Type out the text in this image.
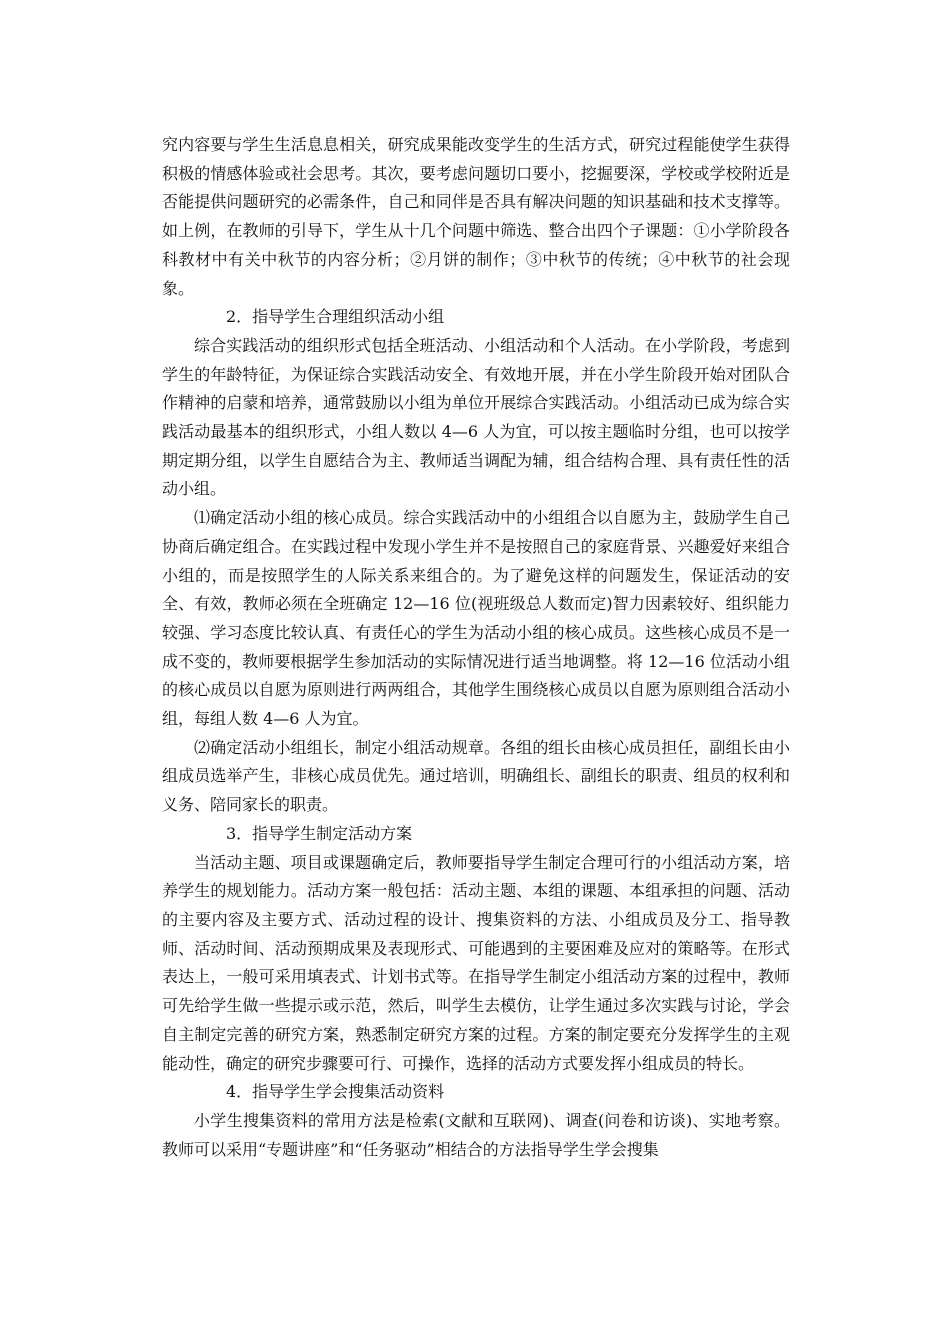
究内容要与学生生活息息相关，研究成果能改变学生的生活方式，研究过程能使学生获得积极的情感体验或社会思考。其次，要考虑问题切口要小，挖掘要深，学校或学校附近是否能提供问题研究的必需条件，自己和同伴是否具有解决问题的知识基础和技术支撑等。如上例，在教师的引导下，学生从十几个问题中筛选、整合出四个子课题：①小学阶段各科教材中有关中秋节的内容分析；②月饼的制作；③中秋节的传统；④中秋节的社会现象。

2．指导学生合理组织活动小组

综合实践活动的组织形式包括全班活动、小组活动和个人活动。在小学阶段，考虑到学生的年龄特征，为保证综合实践活动安全、有效地开展，并在小学生阶段开始对团队合作精神的启蒙和培养，通常鼓励以小组为单位开展综合实践活动。小组活动已成为综合实践活动最基本的组织形式，小组人数以 4—6 人为宜，可以按主题临时分组，也可以按学期定期分组，以学生自愿结合为主、教师适当调配为辅，组合结构合理、具有责任性的活动小组。

⑴确定活动小组的核心成员。综合实践活动中的小组组合以自愿为主，鼓励学生自己协商后确定组合。在实践过程中发现小学生并不是按照自己的家庭背景、兴趣爱好来组合小组的，而是按照学生的人际关系来组合的。为了避免这样的问题发生，保证活动的安全、有效，教师必须在全班确定 12—16 位(视班级总人数而定)智力因素较好、组织能力较强、学习态度比较认真、有责任心的学生为活动小组的核心成员。这些核心成员不是一成不变的，教师要根据学生参加活动的实际情况进行适当地调整。将 12—16 位活动小组的核心成员以自愿为原则进行两两组合，其他学生围绕核心成员以自愿为原则组合活动小组，每组人数 4—6 人为宜。

⑵确定活动小组组长，制定小组活动规章。各组的组长由核心成员担任，副组长由小组成员选举产生，非核心成员优先。通过培训，明确组长、副组长的职责、组员的权利和义务、陪同家长的职责。

3．指导学生制定活动方案

当活动主题、项目或课题确定后，教师要指导学生制定合理可行的小组活动方案，培养学生的规划能力。活动方案一般包括：活动主题、本组的课题、本组承担的问题、活动的主要内容及主要方式、活动过程的设计、搜集资料的方法、小组成员及分工、指导教师、活动时间、活动预期成果及表现形式、可能遇到的主要困难及应对的策略等。在形式表达上，一般可采用填表式、计划书式等。在指导学生制定小组活动方案的过程中，教师可先给学生做一些提示或示范，然后，叫学生去模仿，让学生通过多次实践与讨论，学会自主制定完善的研究方案，熟悉制定研究方案的过程。方案的制定要充分发挥学生的主观能动性，确定的研究步骤要可行、可操作，选择的活动方式要发挥小组成员的特长。

4．指导学生学会搜集活动资料

小学生搜集资料的常用方法是检索(文献和互联网)、调查(问卷和访谈)、实地考察。教师可以采用“专题讲座”和“任务驱动”相结合的方法指导学生学会搜集
